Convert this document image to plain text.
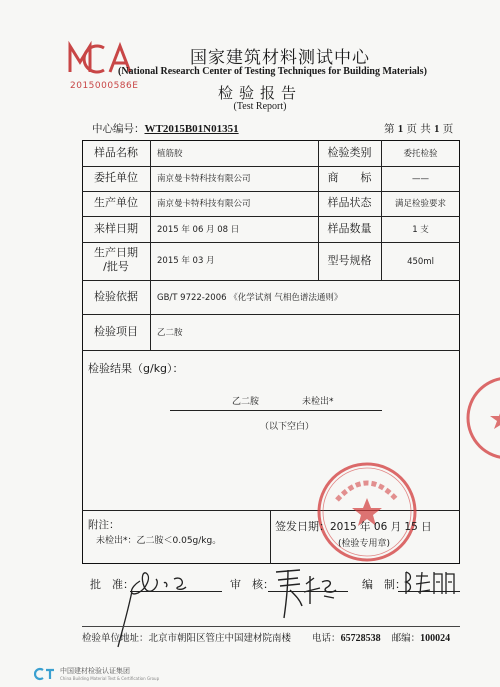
2015000586E
国家建筑材料测试中心
(National Research Center of Testing Techniques for Building Materials)
检验报告
(Test Report)
中心编号：WT2015B01N01351	第 1 页 共 1 页
样品名称	植筋胶	检验类别	委托检验
委托单位	南京曼卡特科技有限公司	商　　标	——
生产单位	南京曼卡特科技有限公司	样品状态	满足检验要求
来样日期	2015 年 06 月 08 日	样品数量	1 支
生产日期
/批号	2015 年 03 月	型号规格	450ml
检验依据	GB/T 9722-2006 《化学试剂 气相色谱法通则》
检验项目	乙二胺
检验结果（g/kg）：
乙二胺	未检出*
（以下空白）
附注：
未检出*：乙二胺＜0.05g/kg。
签发日期：2015 年 06 月 15 日
(检验专用章)
批　准：	审　核：	编　制：
检验单位地址：北京市朝阳区管庄中国建材院南楼 电话：65728538 邮编：100024
中国建材检验认证集团
China Building Material Test & Certification Group
